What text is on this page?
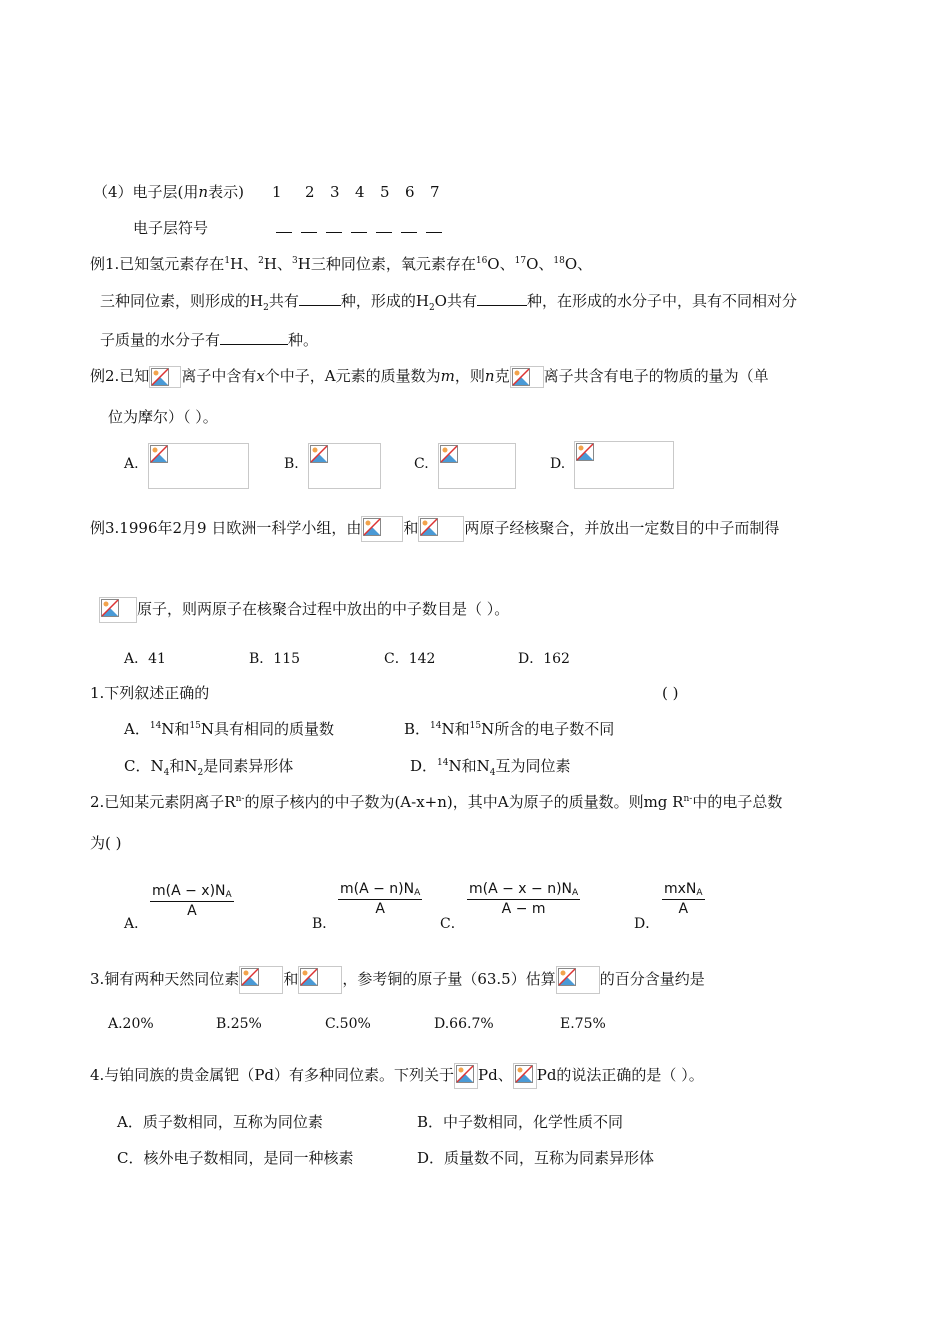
（4）电子层(用n表示) 1 2 3 4 5 6 7
电子层符号
例1.已知氢元素存在$^1$H、$^2$H、$^3$H三种同位素，氧元素存在$^{16}$O、$^{17}$O、$^{18}$O、
三种同位素，则形成的$H_2$共有	种，形成的$H_2O$共有	种，在形成的水分子中，具有不同相对分
子质量的水分子有	种。
例2.已知 离子中含有x个中子，A元素的质量数为m，则n克 离子共含有电子的物质的量为（单
位为摩尔）（ ）。
A.	B.	C.	D.
例3.1996年2月9 日欧洲一科学小组，由	和	两原子经核聚合，并放出一定数目的中子而制得
原子，则两原子在核聚合过程中放出的中子数目是（ ）。
A．41	B．115	C．142	D．162
1.下列叙述正确的	( )
A．$^{14}$N和$^{15}$N具有相同的质量数	B．$^{14}$N和$^{15}$N所含的电子数不同
C．$N_4$和$N_2$是同素异形体	D．$^{14}$N和$N_4$互为同位素
2.已知某元素阴离子$R^{n-}$的原子核内的中子数为(A-x+n)，其中A为原子的质量数。则mg $R^{n-}$中的电子总数
为( )
A．
$\frac{m(A - x)NA}{A}$
B．
$\frac{m(A - n)NA}{A}$
C．
$\frac{m(A - x - n)NA}{A - m}$
D．
mxNA
A
3.铜有两种天然同位素	和	，参考铜的原子量（63.5）估算	的百分含量约是
A.20%	B.25%	C.50%	D.66.7%	E.75%
4.与铂同族的贵金属钯（Pd）有多种同位素。下列关于 Pd、 Pd的说法正确的是（ ）。
A．质子数相同，互称为同位素	B．中子数相同，化学性质不同
C．核外电子数相同，是同一种核素	D．质量数不同，互称为同素异形体
